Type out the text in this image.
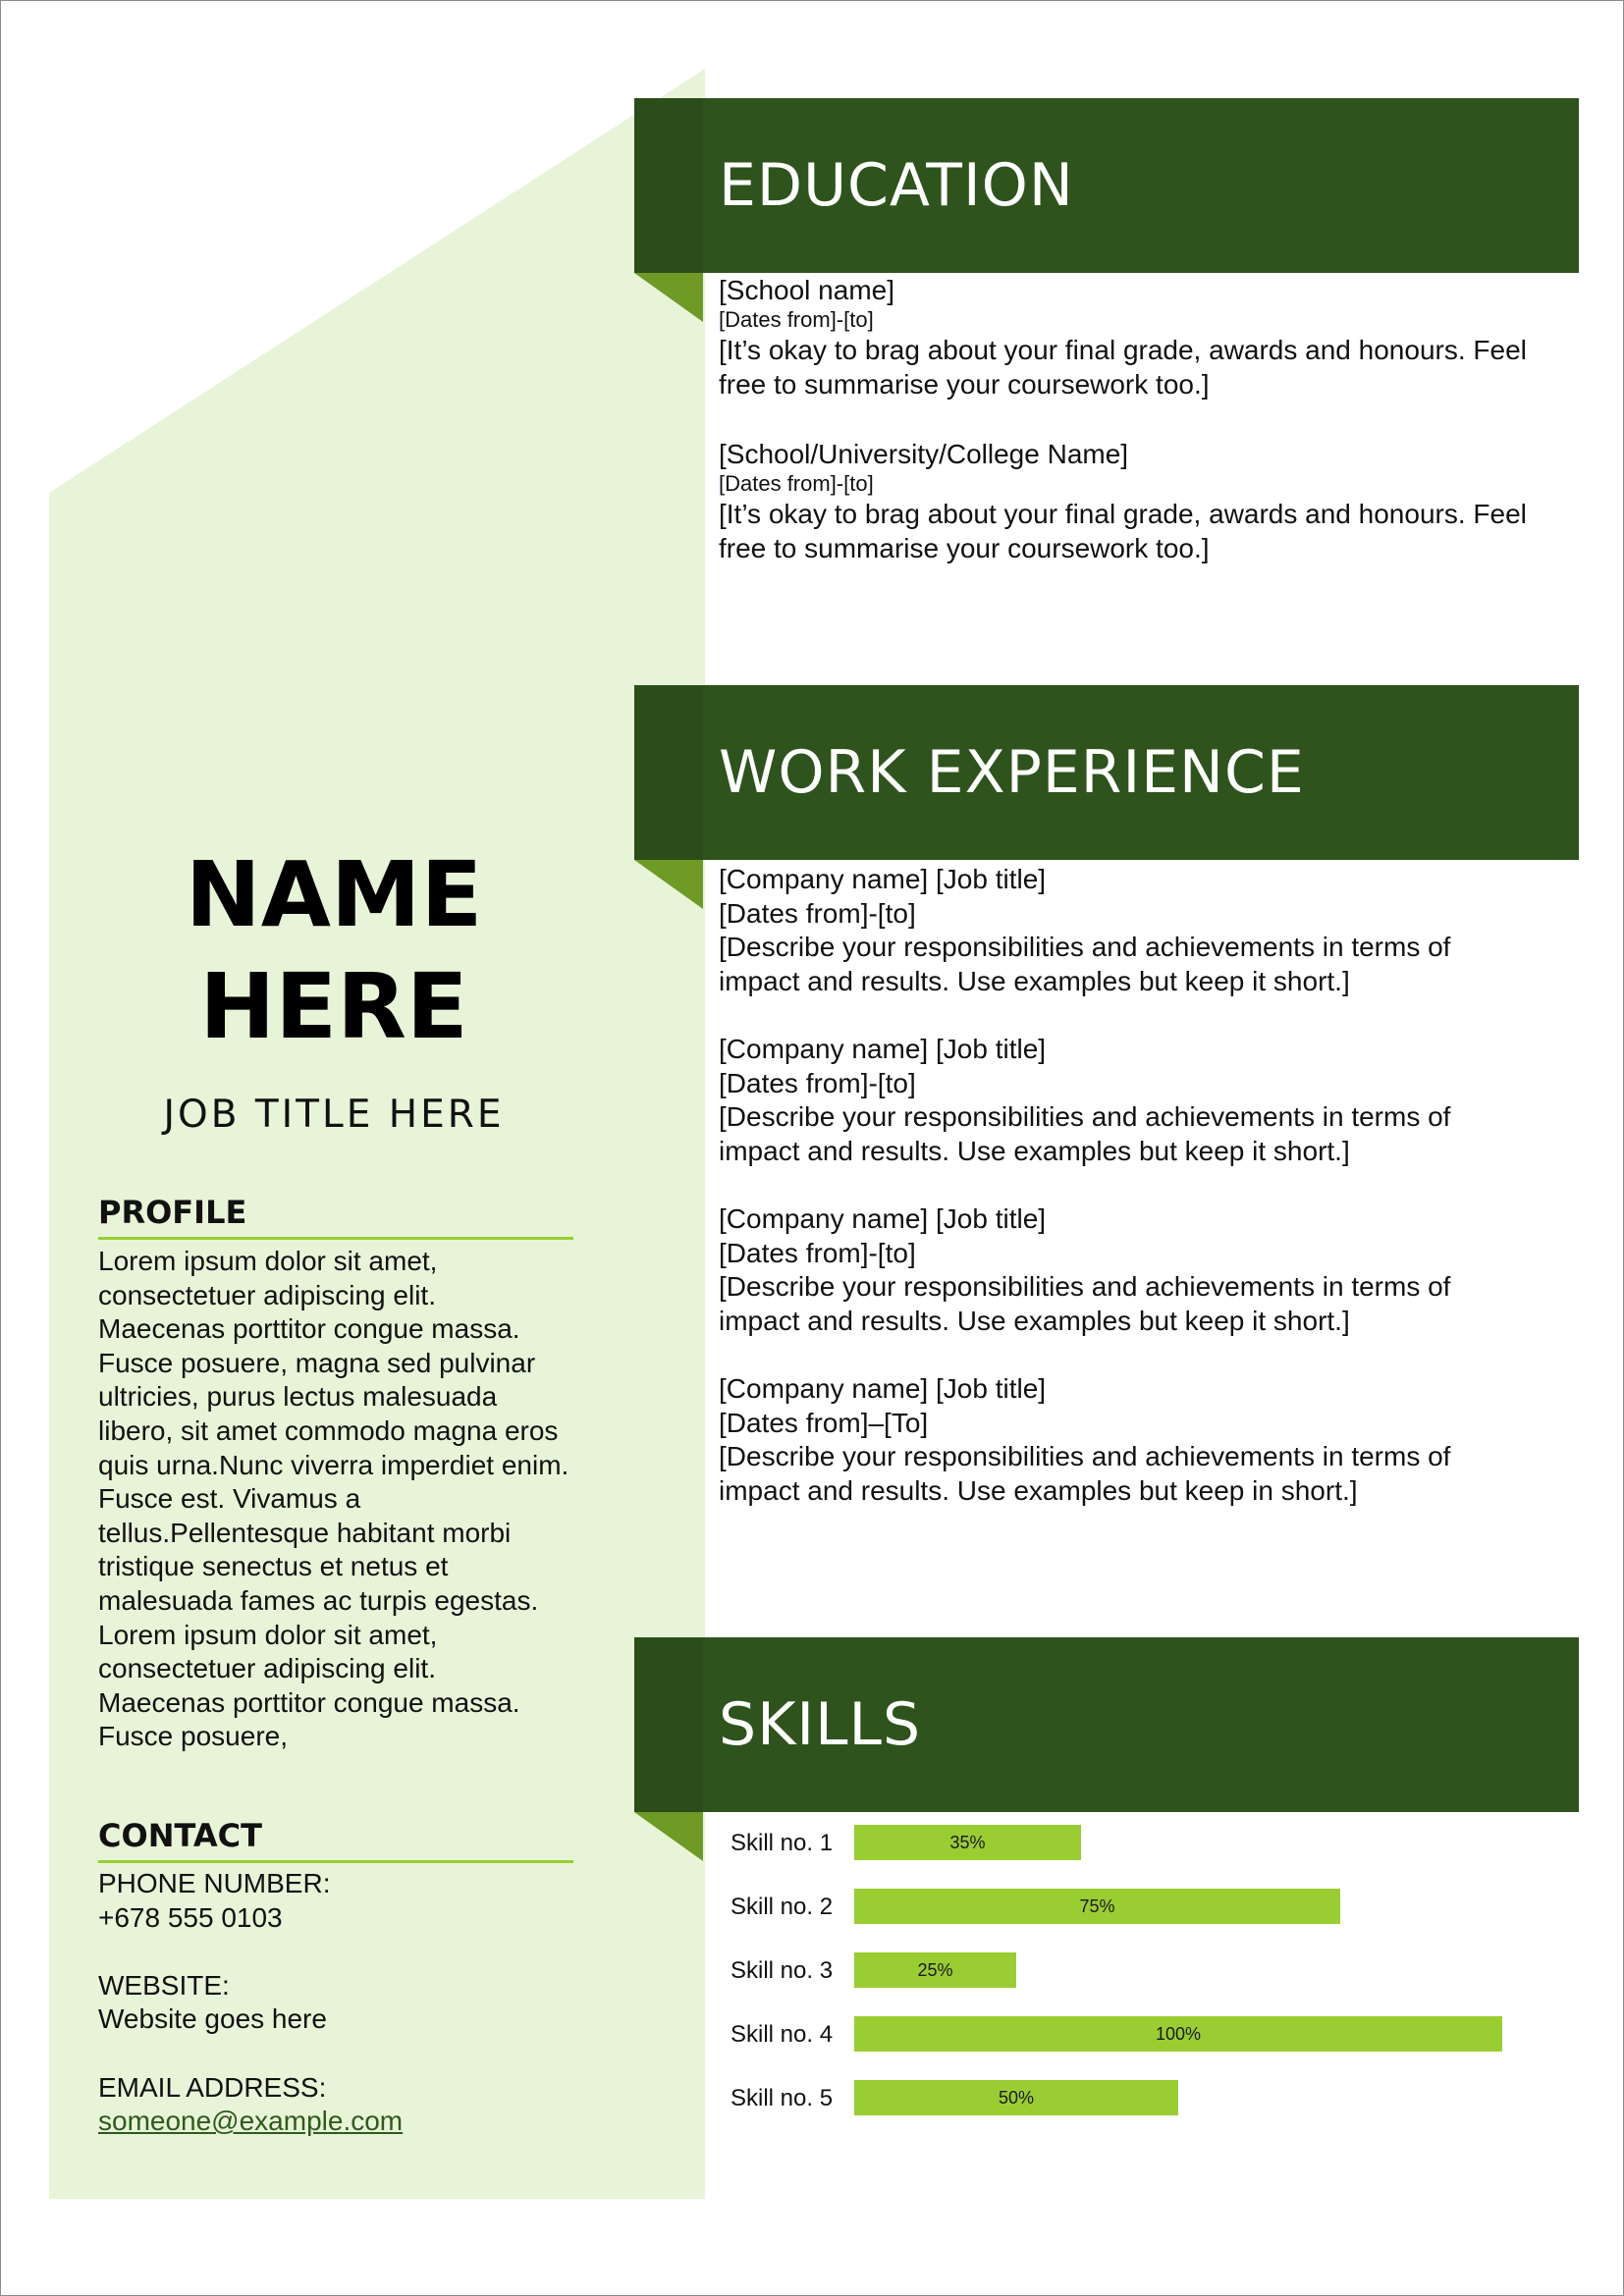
NAME
HERE
JOB TITLE HERE
PROFILE
Lorem ipsum dolor sit amet, consectetuer adipiscing elit. Maecenas porttitor congue massa. Fusce posuere, magna sed pulvinar ultricies, purus lectus malesuada libero, sit amet commodo magna eros quis urna.Nunc viverra imperdiet enim. Fusce est. Vivamus a tellus.Pellentesque habitant morbi tristique senectus et netus et malesuada fames ac turpis egestas. Lorem ipsum dolor sit amet, consectetuer adipiscing elit. Maecenas porttitor congue massa. Fusce posuere,
CONTACT
PHONE NUMBER:
+678 555 0103
WEBSITE:
Website goes here
EMAIL ADDRESS:
someone@example.com
EDUCATION
[School name]
[Dates from]-[to]
[It’s okay to brag about your final grade, awards and honours. Feel free to summarise your coursework too.]
[School/University/College Name]
[Dates from]-[to]
[It’s okay to brag about your final grade, awards and honours. Feel free to summarise your coursework too.]
WORK EXPERIENCE
[Company name] [Job title]
[Dates from]-[to]
[Describe your responsibilities and achievements in terms of impact and results. Use examples but keep it short.]
[Company name] [Job title]
[Dates from]-[to]
[Describe your responsibilities and achievements in terms of impact and results. Use examples but keep it short.]
[Company name] [Job title]
[Dates from]-[to]
[Describe your responsibilities and achievements in terms of impact and results. Use examples but keep it short.]
[Company name] [Job title]
[Dates from]–[To]
[Describe your responsibilities and achievements in terms of impact and results. Use examples but keep in short.]
SKILLS
Skill no. 1	35%
Skill no. 2	75%
Skill no. 3	25%
Skill no. 4	100%
Skill no. 5	50%
